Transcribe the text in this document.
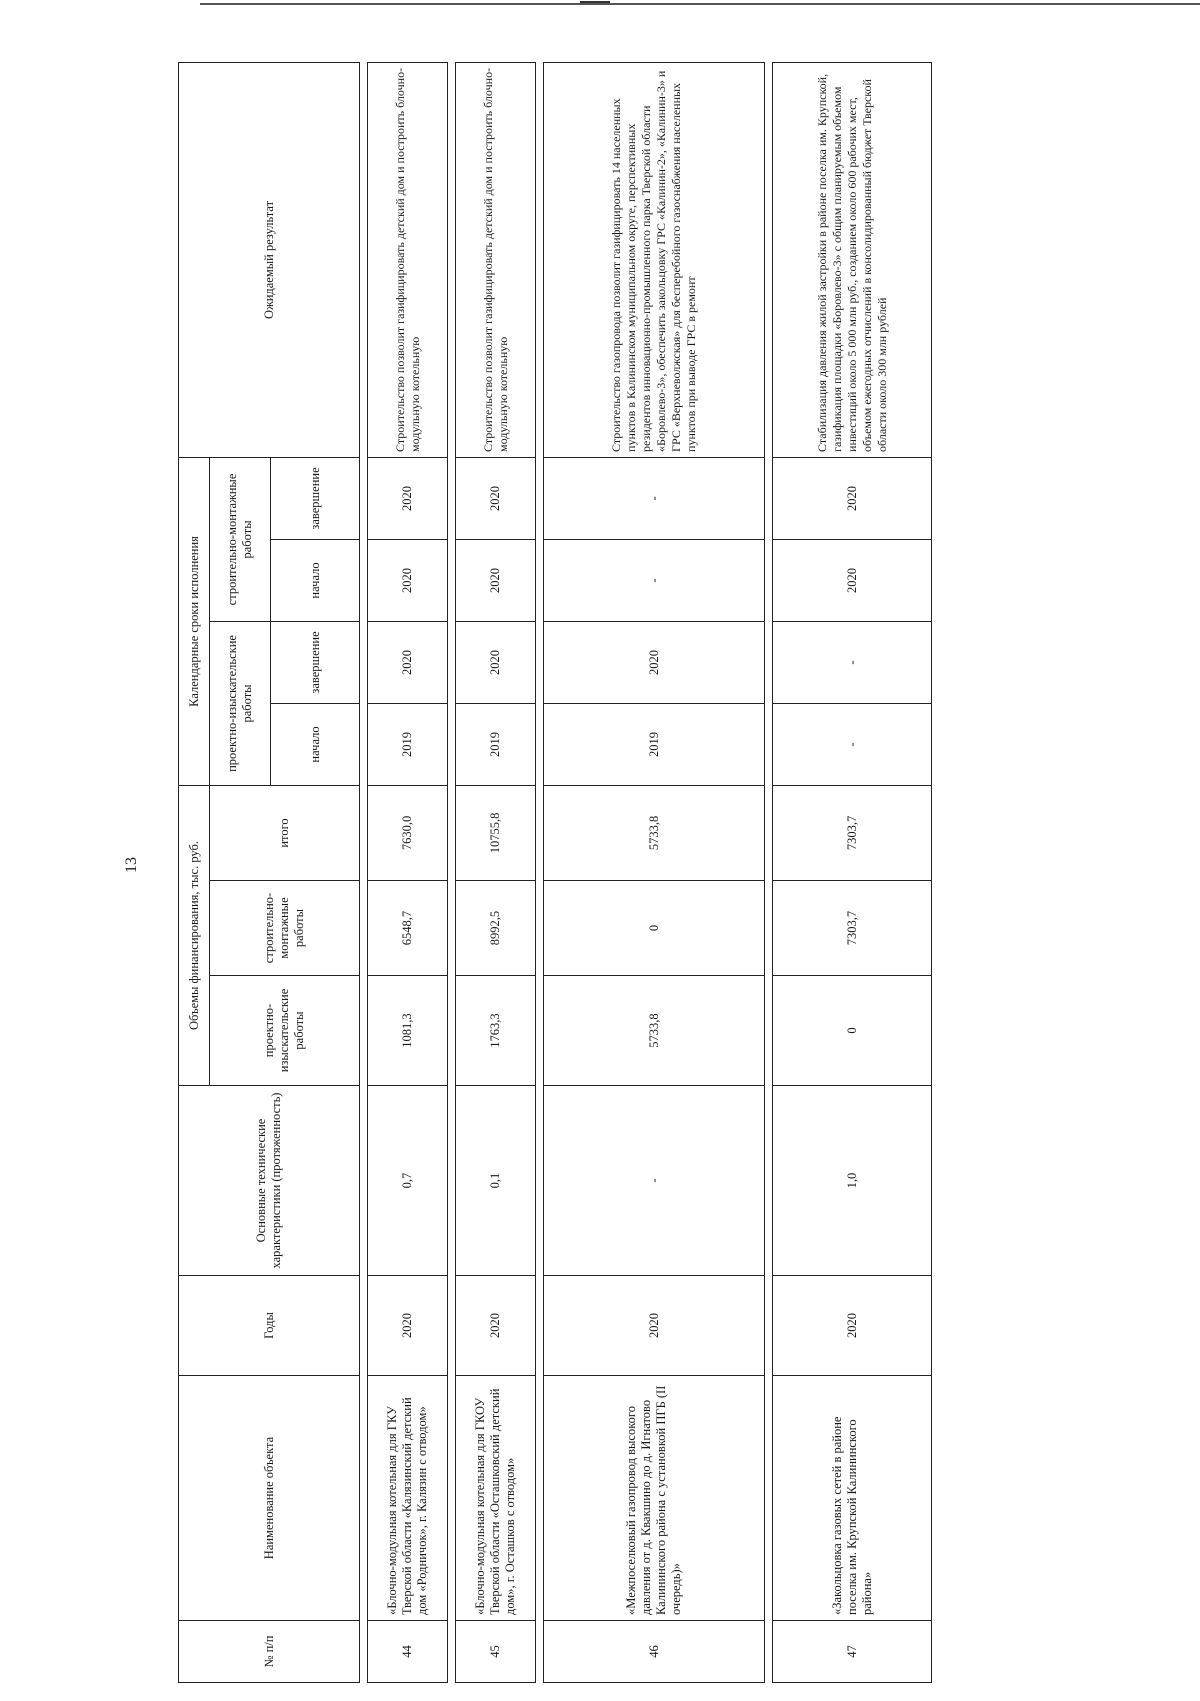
13
№ п/п	Наименование объекта	Годы	Основные технические характеристики (протяженность)	Объемы финансирования, тыс. руб.			Календарные сроки исполнения				Ожидаемый результат
				проектно-изыскательские работы	строительно-монтажные работы	итого	проектно-изыскательские работы		строительно-монтажные работы		
							начало	завершение	начало	завершение	

44	«Блочно-модульная котельная для ГКУ Тверской области «Калязинский детский дом «Родничок», г. Калязин с отводом»	2020	0,7	1081,3	6548,7	7630,0	2019	2020	2020	2020	Строительство позволит газифицировать детский дом и построить блочно-модульную котельную

45	«Блочно-модульная котельная для ГКОУ Тверской области «Осташковский детский дом», г. Осташков с отводом»	2020	0,1	1763,3	8992,5	10755,8	2019	2020	2020	2020	Строительство позволит газифицировать детский дом и построить блочно-модульную котельную

46	«Межпоселковый газопровод высокого давления от д. Квакшино до д. Игнатово Калининского района с установкой ПГБ (II очередь)»	2020	-	5733,8	0	5733,8	2019	2020	-	-	Строительство газопровода позволит газифицировать 14 населенных пунктов в Калининском муниципальном округе, перспективных резидентов инновационно-промышленного парка Тверской области «Боровлево-3», обеспечить закольцовку ГРС «Калинин-2», «Калинин-3» и ГРС «Верхневолжская» для бесперебойного газоснабжения населенных пунктов при выводе ГРС в ремонт

47	«Закольцовка газовых сетей в районе поселка им. Крупской Калининского района»	2020	1,0	0	7303,7	7303,7	-	-	2020	2020	Стабилизация давления жилой застройки в районе поселка им. Крупской, газификация площадки «Боровлево-3» с общим планируемым объемом инвестиций около 5 000 млн руб., созданием около 600 рабочих мест, объемом ежегодных отчислений в консолидированный бюджет Тверской области около 300 млн рублей
